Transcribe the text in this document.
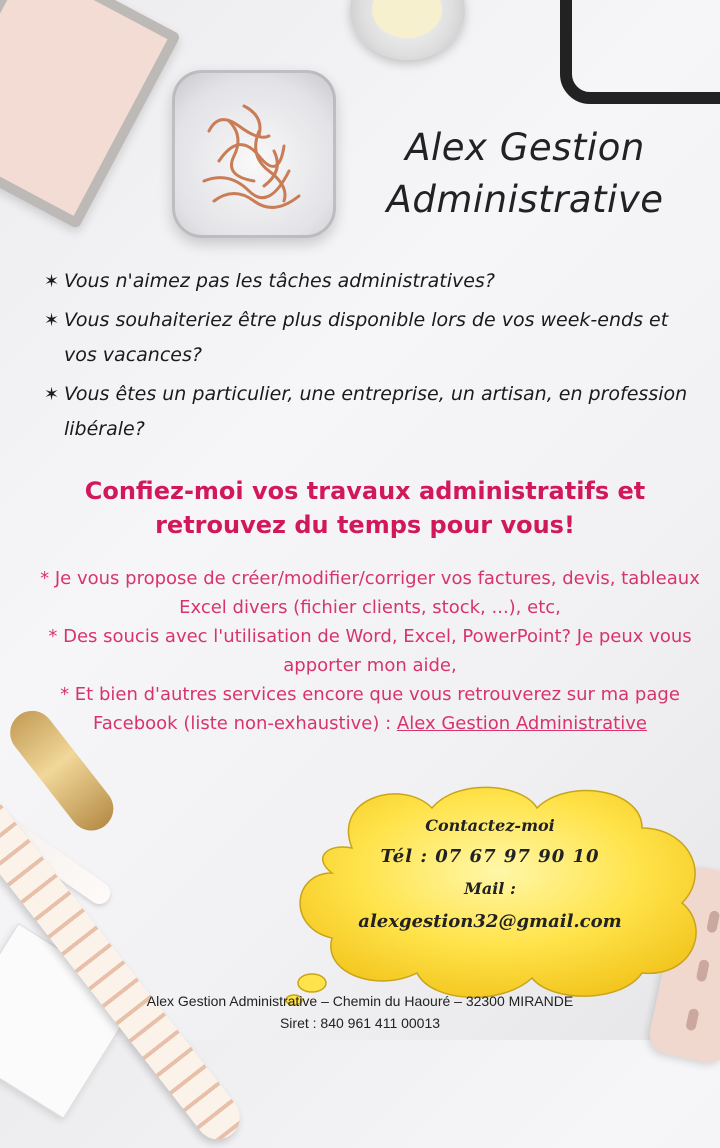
Alex Gestion
Administrative
✶ Vous n'aimez pas les tâches administratives?
✶ Vous souhaiteriez être plus disponible lors de vos week-ends et vos vacances?
✶ Vous êtes un particulier, une entreprise, un artisan, en profession libérale?
Confiez-moi vos travaux administratifs et
retrouvez du temps pour vous!
* Je vous propose de créer/modifier/corriger vos factures, devis, tableaux Excel divers (fichier clients, stock, ...), etc,
* Des soucis avec l'utilisation de Word, Excel, PowerPoint? Je peux vous apporter mon aide,
* Et bien d'autres services encore que vous retrouverez sur ma page Facebook (liste non-exhaustive) : Alex Gestion Administrative
Contactez-moi
Tél : 07 67 97 90 10
Mail :
alexgestion32@gmail.com
Alex Gestion Administrative – Chemin du Haouré – 32300 MIRANDE
Siret : 840 961 411 00013
